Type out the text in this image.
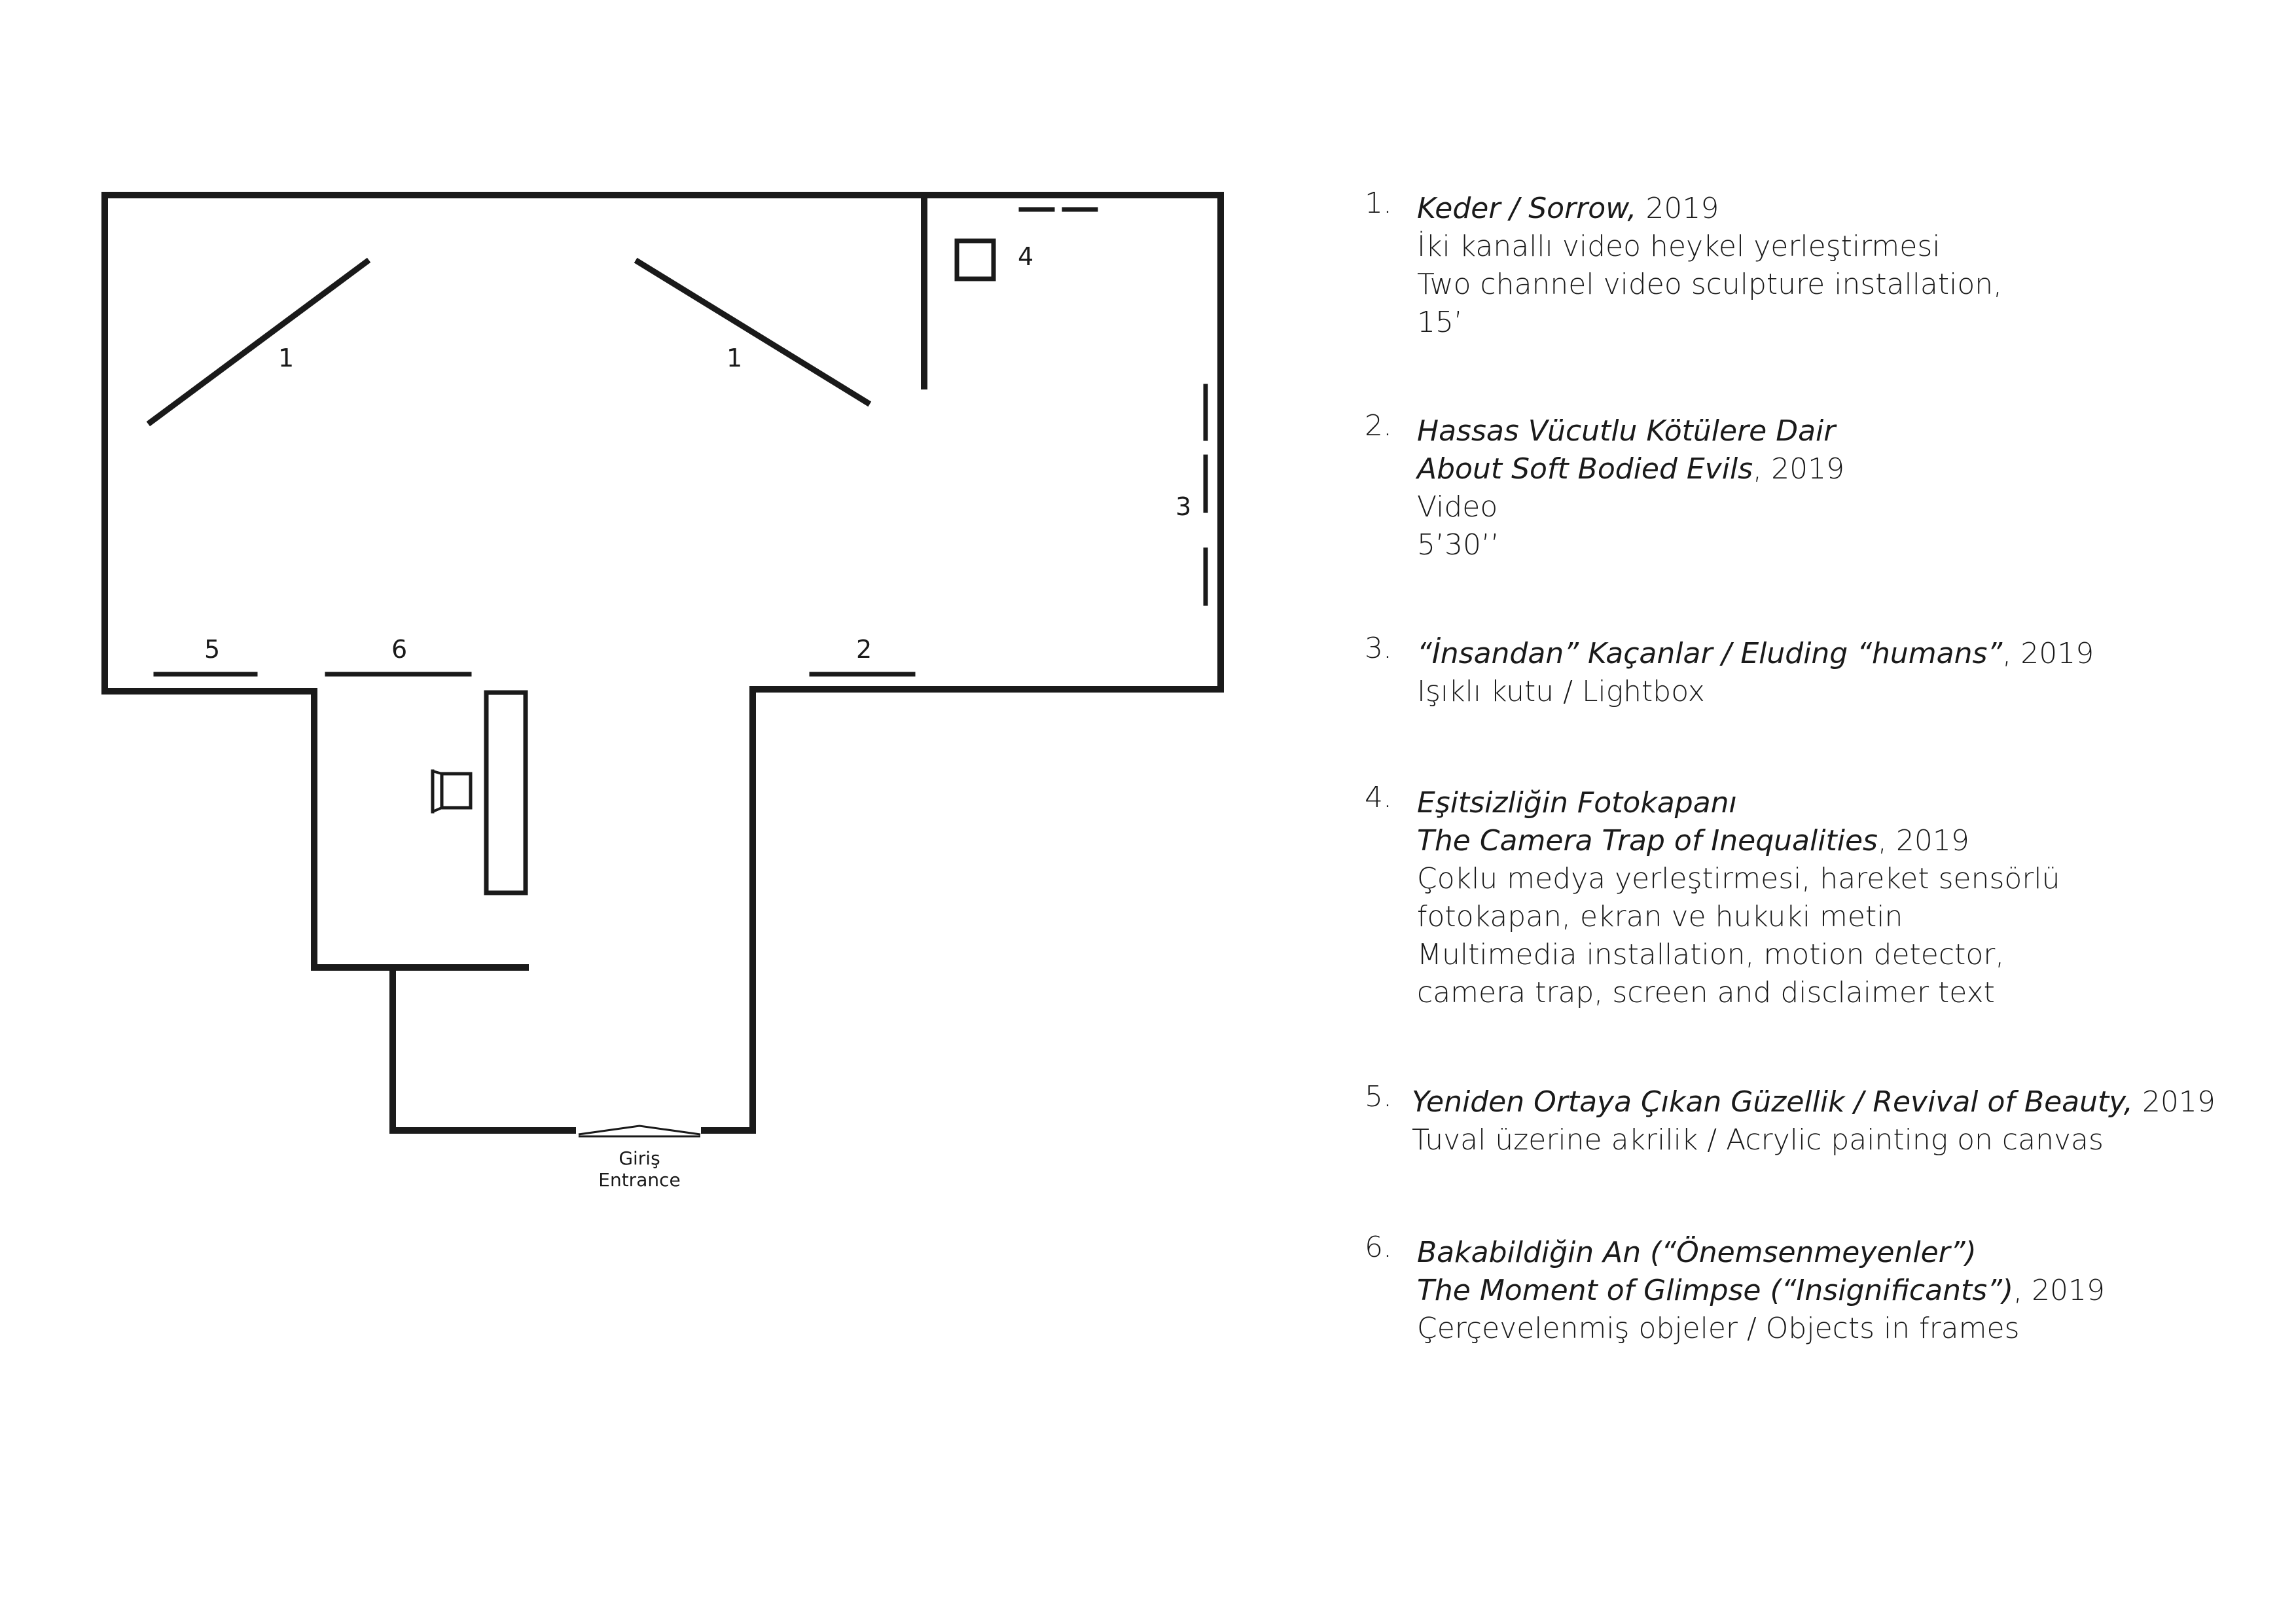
1	1
4
3
5	6	2
Giriş
Entrance
1. Keder / Sorrow, 2019
İki kanallı video heykel yerleştirmesi
Two channel video sculpture installation,
15’
2. Hassas Vücutlu Kötülere Dair
About Soft Bodied Evils, 2019
Video
5’30’’
3. “İnsandan” Kaçanlar / Eluding “humans”, 2019
Işıklı kutu / Lightbox
4. Eşitsizliğin Fotokapanı
The Camera Trap of Inequalities, 2019
Çoklu medya yerleştirmesi, hareket sensörlü
fotokapan, ekran ve hukuki metin
Multimedia installation, motion detector,
camera trap, screen and disclaimer text
5. Yeniden Ortaya Çıkan Güzellik / Revival of Beauty, 2019
Tuval üzerine akrilik / Acrylic painting on canvas
6. Bakabildiğin An (“Önemsenmeyenler”)
The Moment of Glimpse (“Insignificants”), 2019
Çerçevelenmiş objeler / Objects in frames
